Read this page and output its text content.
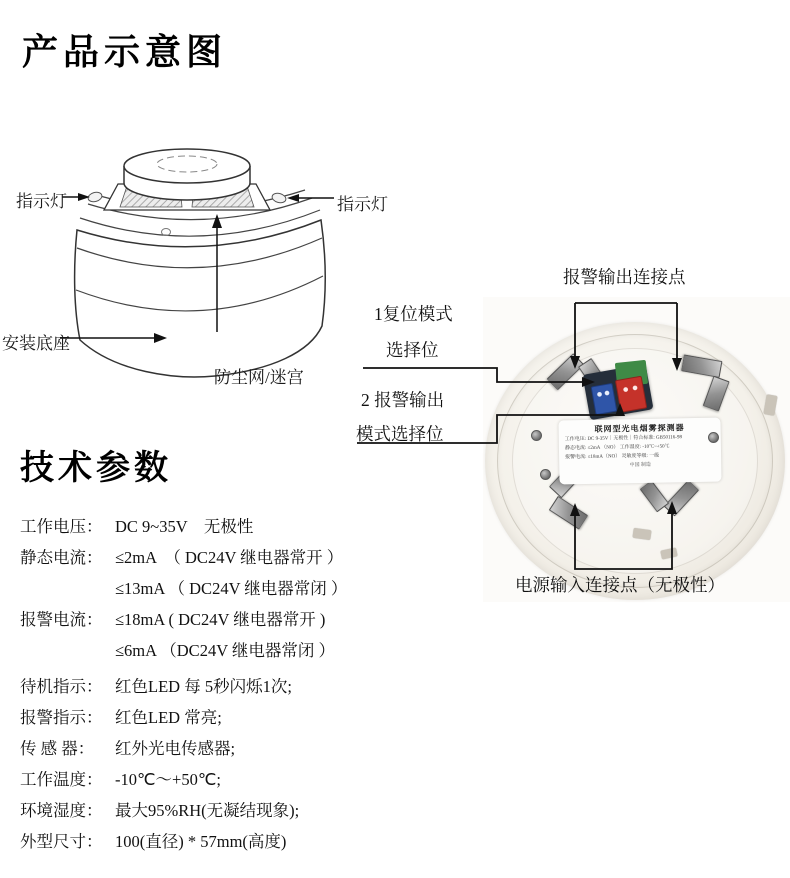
产品示意图
指示灯	指示灯
安装底座
防尘网/迷宫
联网型光电烟雾探测器
工作电压: DC 9-35V｜无极性｜符合标准: GB50116-98
静态电流: ≤2mA （NO） 工作温度: -10℃~+50℃
报警电流: ≤18mA（NO） 灵敏度等级: 一级
中国 制造
报警输出连接点
1复位模式
选择位
2 报警输出
模式选择位
电源输入连接点（无极性）
技术参数
工作电压： DC 9~35V　无极性
静态电流： ≤2mA　（ DC24V 继电器常开 ）
≤13mA （ DC24V 继电器常闭 ）
报警电流： ≤18mA ( DC24V 继电器常开 )
≤6mA （DC24V 继电器常闭 ）
待机指示： 红色LED 每 5秒闪烁1次;
报警指示： 红色LED 常亮;
传 感 器：	红外光电传感器;
工作温度： -10℃～+50℃;
环境湿度： 最大95%RH(无凝结现象);
外型尺寸： 100(直径) * 57mm(高度)
